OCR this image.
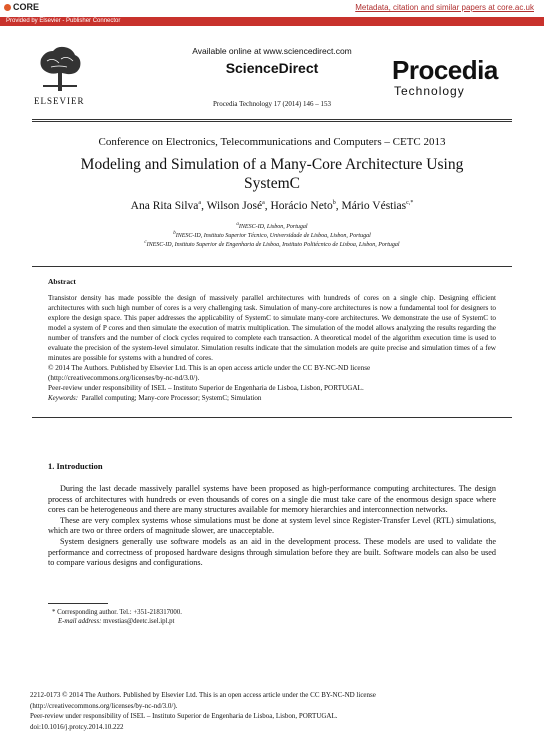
CORE	Metadata, citation and similar papers at core.ac.uk
Provided by Elsevier - Publisher Connector
ELSEVIER
Available online at www.sciencedirect.com
ScienceDirect
Procedia Technology 17 (2014) 146 – 153
Procedia
Technology
Conference on Electronics, Telecommunications and Computers – CETC 2013
Modeling and Simulation of a Many-Core Architecture Using
SystemC
Ana Rita Silva$^a$, Wilson José$^a$, Horácio Neto$^b$, Mário Véstias$^{c,*}$
$^a$INESC-ID, Lisbon, Portugal
$^b$INESC-ID, Instituto Superior Técnico, Universidade de Lisboa, Lisbon, Portugal
$^c$INESC-ID, Instituto Superior de Engenharia de Lisboa, Instituto Politécnico de Lisboa, Lisbon, Portugal
Abstract

Transistor density has made possible the design of massively parallel architectures with hundreds of cores on a single chip. Designing efficient architectures with such high number of cores is a very challenging task. Simulation of many-core architectures is now a fundamental tool for designers to explore the design space. This paper addresses the applicability of SystemC to simulate many-core architectures. We demonstrate the use of SystemC to model a system of P cores and then simulate the execution of matrix multiplication. The simulation of the model allows analyzing the results regarding the number of transfers and the number of clock cycles required to complete each transaction. A theoretical model of the algorithm execution time is used to evaluate the precision of the system-level simulator. Simulation results indicate that the simulation models are quite precise and simulation times of a few minutes are possible for systems with a hundred of cores.

© 2014 The Authors. Published by Elsevier Ltd. This is an open access article under the CC BY-NC-ND license
(http://creativecommons.org/licenses/by-nc-nd/3.0/).
Peer-review under responsibility of ISEL – Instituto Superior de Engenharia de Lisboa, Lisbon, PORTUGAL.

Keywords: Parallel computing; Many-core Processor; SystemC; Simulation

1. Introduction

During the last decade massively parallel systems have been proposed as high-performance computing architectures. The design process of architectures with hundreds or even thousands of cores on a single die must take care of the enormous design space where cores can be heterogeneous and there are many structures available for memory hierarchies and interconnection networks.

These are very complex systems whose simulations must be done at system level since Register-Transfer Level (RTL) simulations, which are two or three orders of magnitude slower, are unacceptable.

System designers generally use software models as an aid in the development process. These models are used to validate the performance and correctness of proposed hardware designs through simulation before they are built. Software models can also be used to compare various designs and configurations.

* Corresponding author. Tel.: +351-218317000.
E-mail address: mvestias@deetc.isel.ipl.pt
2212-0173 © 2014 The Authors. Published by Elsevier Ltd. This is an open access article under the CC BY-NC-ND license
(http://creativecommons.org/licenses/by-nc-nd/3.0/).
Peer-review under responsibility of ISEL – Instituto Superior de Engenharia de Lisboa, Lisbon, PORTUGAL.
doi:10.1016/j.protcy.2014.10.222
